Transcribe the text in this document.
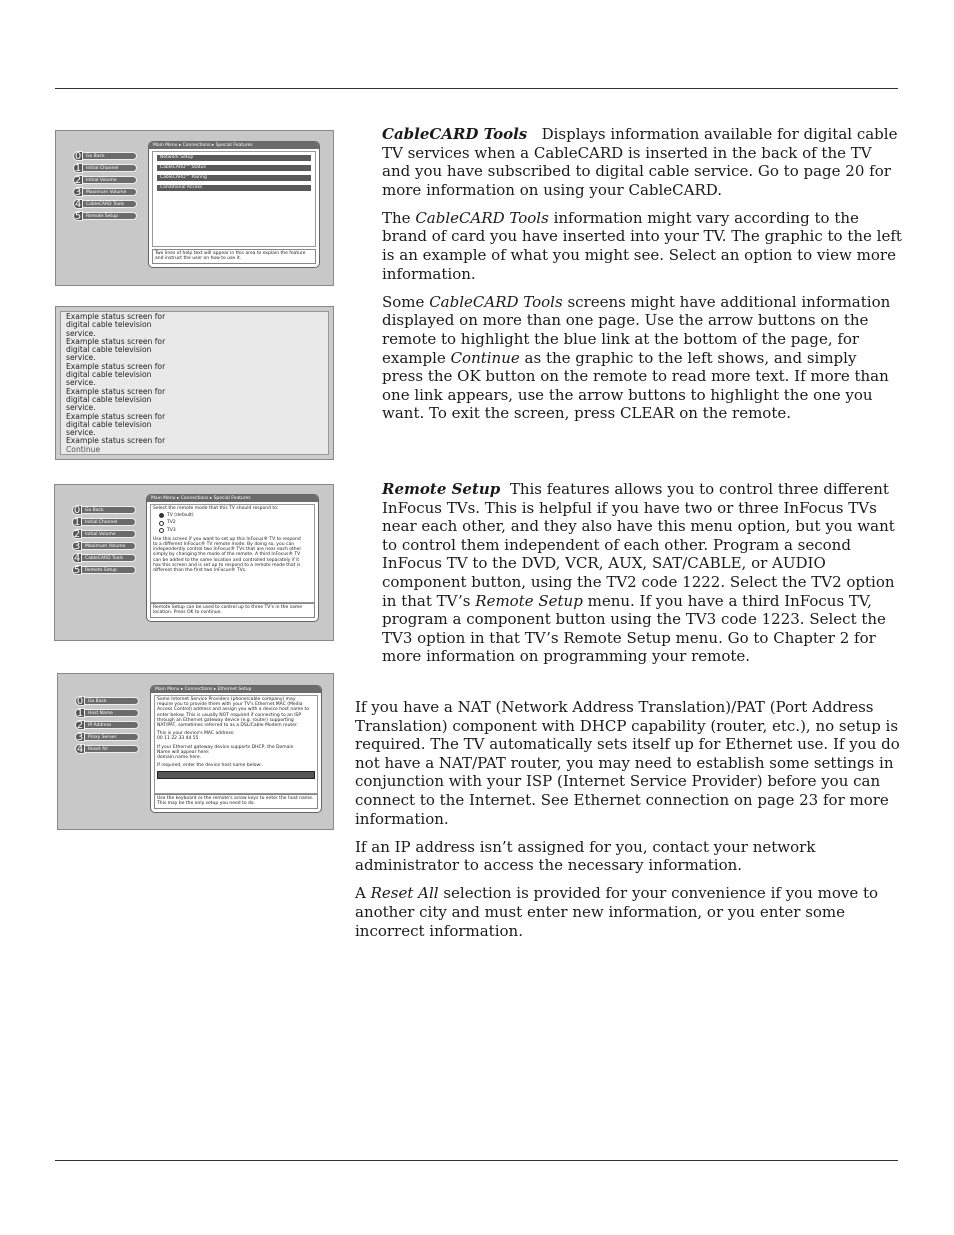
0	Go Back
1	Initial Channel
2	Initial Volume
3	Maximum Volume
4	CableCARD Tools
5	Remote Setup
Main Menu ▸ Connections ▸ Special Features
Network Setup
CableCARD™ Status
CableCARD™ Pairing
Conditional Access
Two lines of help text will appear in this area to explain the feature and instruct the user on how to use it.
Example status screen for
digital cable television
service.
Example status screen for
digital cable television
service.
Example status screen for
digital cable television
service.
Example status screen for
digital cable television
service.
Example status screen for
digital cable television
service.
Example status screen for
Continue
0	Go Back
1	Initial Channel
2	Initial Volume
3	Maximum Volume
4	CableCARD Tools
5	Remote Setup
Main Menu ▸ Connections ▸ Special Features
Select the remote mode that this TV should respond to:
TV (default)
TV2
TV3
Use this screen if you want to set up this InFocus® TV to respond to a different InFocus® TV remote mode. By doing so, you can independently control two InFocus® TVs that are near each other simply by changing the mode of the remote. A third InFocus® TV can be added to the same location and controlled separately if it has this screen and is set up to respond to a remote mode that is different than the first two InFocus® TVs.
Remote Setup can be used to control up to three TV's in the same location. Press OK to continue.
0	Go Back
1	Host Name
2	IP Address
3	Proxy Server
4	Reset All
Main Menu ▸ Connections ▸ Ethernet Setup
Some Internet Service Providers (phone/cable company) may require you to provide them with your TV's Ethernet MAC (Media Access Control) address and assign you with a device host name to enter below. This is usually NOT required if connecting to an ISP through an Ethernet gateway device (e.g. router) supporting NAT/PAT, sometimes referred to as a DSL/Cable Modem router.
This is your device's MAC address:
00 11 22 33 44 55
If your Ethernet gateway device supports DHCP, the Domain Name will appear here:
domain.name.here.
If required, enter the device host name below:
Use the keyboard or the remote's arrow keys to enter the host name. This may be the only setup you need to do.

CableCARD Tools Displays information available for digital cable TV services when a CableCARD is inserted in the back of the TV and you have subscribed to digital cable service. Go to page 20 for more information on using your CableCARD.

The CableCARD Tools information might vary according to the brand of card you have inserted into your TV. The graphic to the left is an example of what you might see. Select an option to view more information.

Some CableCARD Tools screens might have additional information displayed on more than one page. Use the arrow buttons on the remote to highlight the blue link at the bottom of the page, for example Continue as the graphic to the left shows, and simply press the OK button on the remote to read more text. If more than one link appears, use the arrow buttons to highlight the one you want. To exit the screen, press CLEAR on the remote.

Remote Setup This features allows you to control three different InFocus TVs. This is helpful if you have two or three InFocus TVs near each other, and they also have this menu option, but you want to control them independent of each other. Program a second InFocus TV to the DVD, VCR, AUX, SAT/CABLE, or AUDIO component button, using the TV2 code 1222. Select the TV2 option in that TV’s Remote Setup menu. If you have a third InFocus TV, program a component button using the TV3 code 1223. Select the TV3 option in that TV’s Remote Setup menu. Go to Chapter 2 for more information on programming your remote.

If you have a NAT (Network Address Translation)/PAT (Port Address Translation) component with DHCP capability (router, etc.), no setup is required. The TV automatically sets itself up for Ethernet use. If you do not have a NAT/PAT router, you may need to establish some settings in conjunction with your ISP (Internet Service Provider) before you can connect to the Internet. See Ethernet connection on page 23 for more information.

If an IP address isn’t assigned for you, contact your network administrator to access the necessary information.

A Reset All selection is provided for your convenience if you move to another city and must enter new information, or you enter some incorrect information.
